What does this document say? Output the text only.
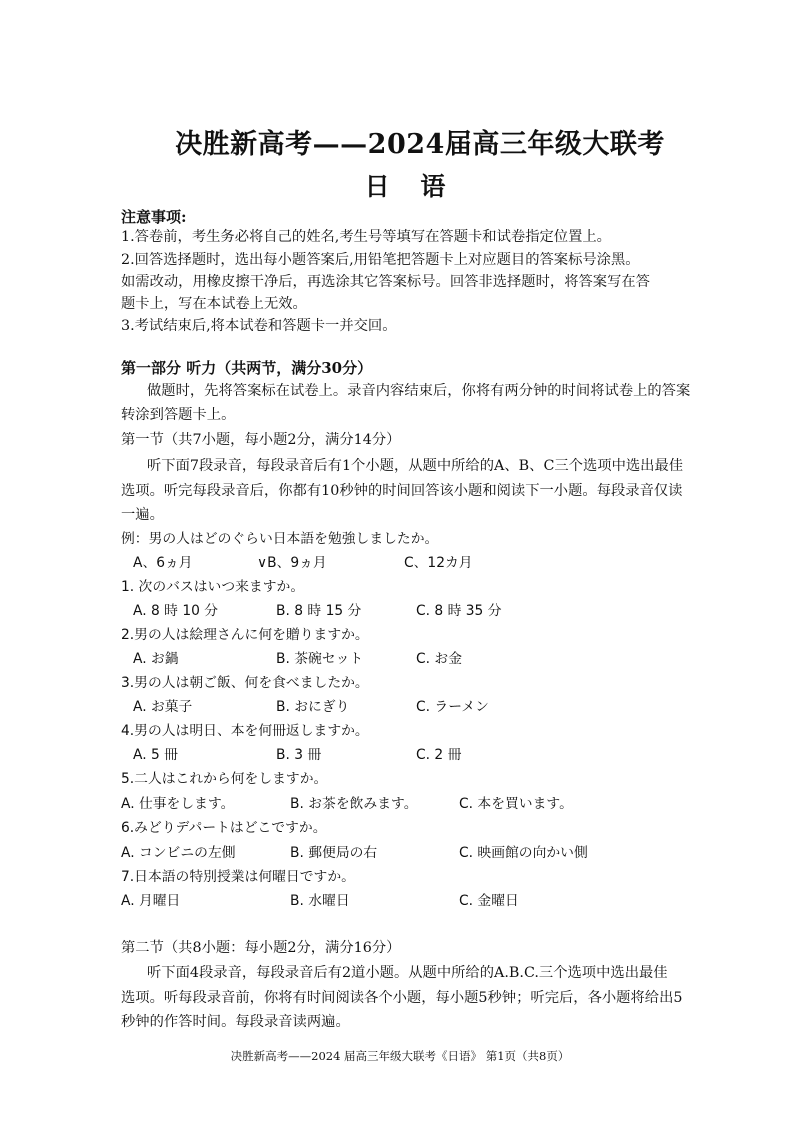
决胜新高考——2024届高三年级大联考
日 语
注意事项:
1.答卷前，考生务必将自己的姓名,考生号等填写在答题卡和试卷指定位置上。
2.回答选择题时，选出每小题答案后,用铅笔把答题卡上对应题目的答案标号涂黑。
如需改动，用橡皮擦干净后，再选涂其它答案标号。回答非选择题时，将答案写在答
题卡上，写在本试卷上无效。
3.考试结束后,将本试卷和答题卡一并交回。
第一部分 听力（共两节，满分30分）
做题时，先将答案标在试卷上。录音内容结束后，你将有两分钟的时间将试卷上的答案
转涂到答题卡上。
第一节（共7小题，每小题2分，满分14分）
听下面7段录音，每段录音后有1个小题，从题中所给的A、B、C三个选项中选出最佳
选项。听完每段录音后，你都有10秒钟的时间回答该小题和阅读下一小题。每段录音仅读
一遍。
例：男の人はどのぐらい日本語を勉強しましたか。
A、6ヵ月	∨B、9ヵ月	C、12カ月
1. 次のバスはいつ来ますか。
A. 8 時 10 分	B. 8 時 15 分	C. 8 時 35 分
2.男の人は絵理さんに何を贈りますか。
A. お鍋	B. 茶碗セット	C. お金
3.男の人は朝ご飯、何を食べましたか。
A. お菓子	B. おにぎり	C. ラーメン
4.男の人は明日、本を何冊返しますか。
A. 5 冊	B. 3 冊	C. 2 冊
5.二人はこれから何をしますか。
A. 仕事をします。	B. お茶を飲みます。	C. 本を買います。
6.みどりデパートはどこですか。
A. コンビニの左側	B. 郵便局の右	C. 映画館の向かい側
7.日本語の特別授業は何曜日ですか。
A. 月曜日	B. 水曜日	C. 金曜日
第二节（共8小题：每小题2分，满分16分）
听下面4段录音，每段录音后有2道小题。从题中所给的A.B.C.三个选项中选出最佳
选项。听每段录音前，你将有时间阅读各个小题，每小题5秒钟；听完后，各小题将给出5
秒钟的作答时间。每段录音读两遍。
决胜新高考——2024 届高三年级大联考《日语》 第1页（共8页）
